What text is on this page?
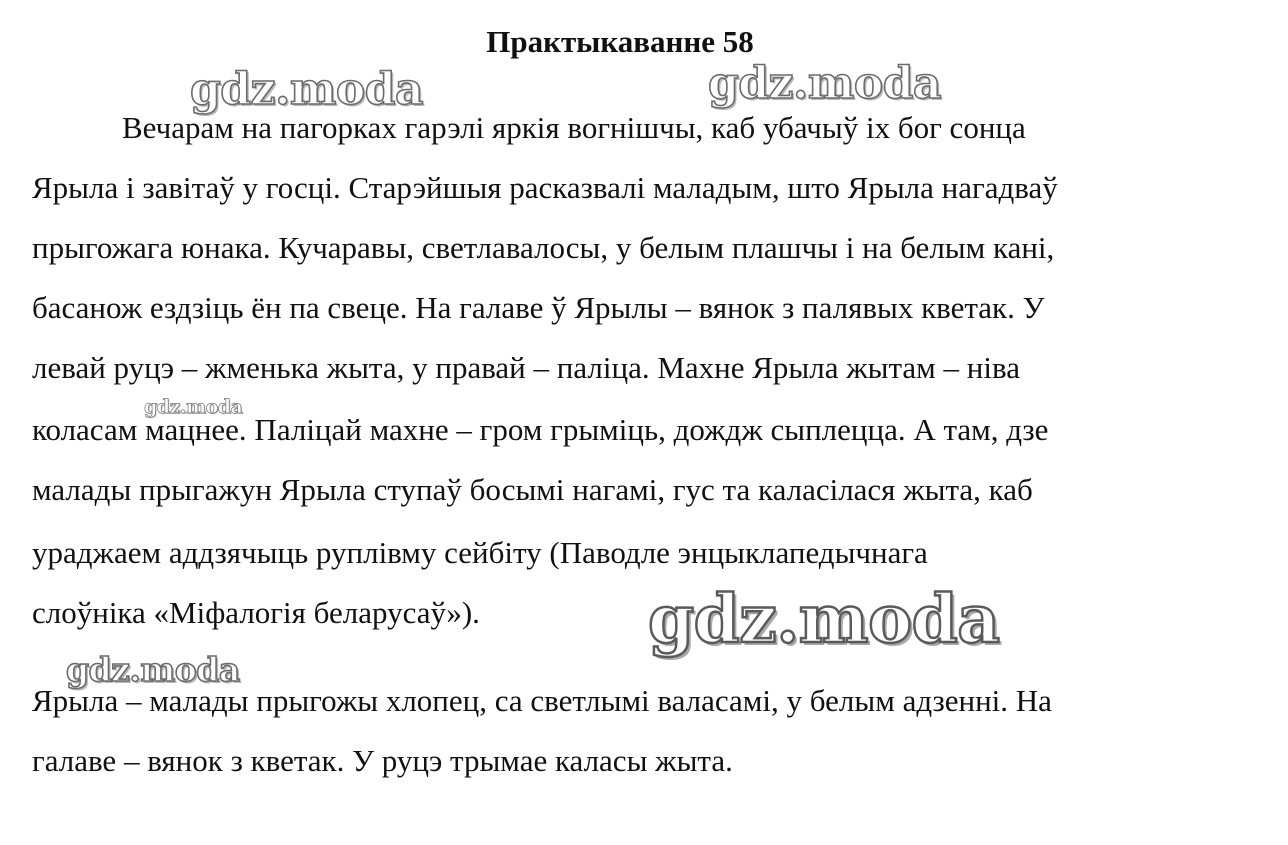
Практыкаванне 58
Вечарам на пагорках гарэлі яркія вогнішчы, каб убачыў іх бог сонца
Ярыла і завітаў у госці. Старэйшыя расказвалі маладым, што Ярыла нагадваў
прыгожага юнака. Кучаравы, светлавалосы, у белым плашчы і на белым кані,
басанож ездзіць ён па свеце. На галаве ў Ярылы – вянок з палявых кветак. У
левай руцэ – жменька жыта, у правай – паліца. Махне Ярыла жытам – ніва
коласам мацнее. Паліцай махне – гром грыміць, дождж сыплецца. А там, дзе
малады прыгажун Ярыла ступаў босымі нагамі, гус та каласілася жыта, каб
ураджаем аддзячыць руплівму сейбіту (Паводле энцыклапедычнага
слоўніка «Міфалогія беларусаў»).
Ярыла – малады прыгожы хлопец, са светлымі валасамі, у белым адзенні. На
галаве – вянок з кветак. У руцэ трымае каласы жыта.
gdz.moda	gdz.moda
gdz.moda
gdz.moda
gdz.moda
